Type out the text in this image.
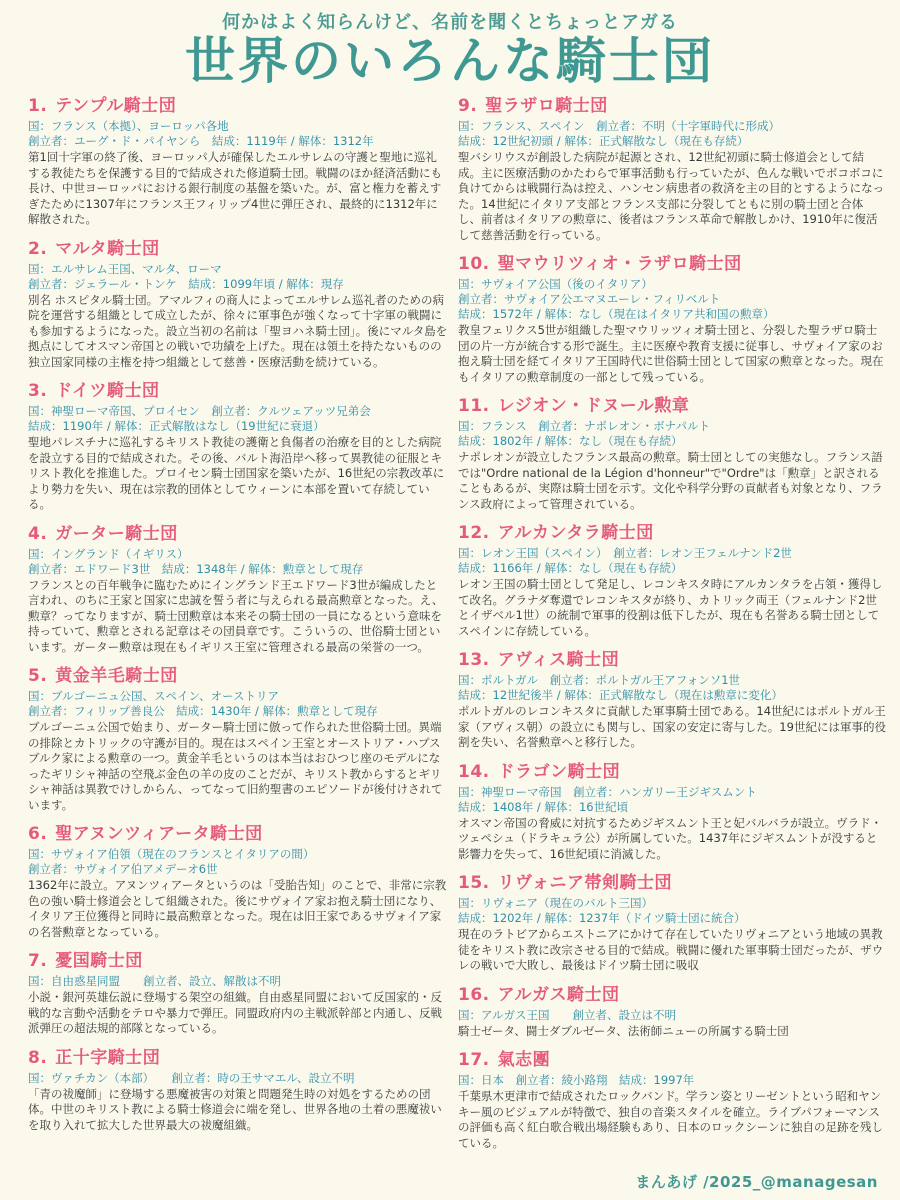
何かはよく知らんけど、名前を聞くとちょっとアガる
世界のいろんな騎士団
1. テンプル騎士団

国：フランス（本拠）、ヨーロッパ各地

創立者：ユーグ・ド・パイヤンら　結成：1119年 / 解体：1312年

第1回十字軍の終了後、ヨーロッパ人が確保したエルサレムの守護と聖地に巡礼する教徒たちを保護する目的で結成された修道騎士団。戦闘のほか経済活動にも長け、中世ヨーロッパにおける銀行制度の基盤を築いた。が、富と権力を蓄えすぎたために1307年にフランス王フィリップ4世に弾圧され、最終的に1312年に解散された。

2. マルタ騎士団

国：エルサレム王国、マルタ、ローマ

創立者：ジェラール・トンケ　結成：1099年頃 / 解体：現存

別名 ホスピタル騎士団。アマルフィの商人によってエルサレム巡礼者のための病院を運営する組織として成立したが、徐々に軍事色が強くなって十字軍の戦闘にも参加するようになった。設立当初の名前は「聖ヨハネ騎士団」。後にマルタ島を拠点にしてオスマン帝国との戦いで功績を上げた。現在は領土を持たないものの独立国家同様の主権を持つ組織として慈善・医療活動を続けている。

3. ドイツ騎士団

国：神聖ローマ帝国、プロイセン　創立者：クルツェアッツ兄弟会

結成：1190年 / 解体：正式解散はなし（19世紀に衰退）

聖地パレスチナに巡礼するキリスト教徒の護衛と負傷者の治療を目的とした病院を設立する目的で結成された。その後、バルト海沿岸へ移って異教徒の征服とキリスト教化を推進した。プロイセン騎士団国家を築いたが、16世紀の宗教改革により勢力を失い、現在は宗教的団体としてウィーンに本部を置いて存続している。

4. ガーター騎士団

国：イングランド（イギリス）

創立者：エドワード3世　結成：1348年 / 解体：勲章として現存

フランスとの百年戦争に臨むためにイングランド王エドワード3世が編成したと言われ、のちに王家と国家に忠誠を誓う者に与えられる最高勲章となった。え、勲章？ってなりますが、騎士団勲章は本来その騎士団の一員になるという意味を持っていて、勲章とされる記章はその団員章です。こういうの、世俗騎士団といいます。ガーター勲章は現在もイギリス王室に管理される最高の栄誉の一つ。

5. 黄金羊毛騎士団

国：ブルゴーニュ公国、スペイン、オーストリア

創立者：フィリップ善良公　結成：1430年 / 解体：勲章として現存

ブルゴーニュ公国で始まり、ガーター騎士団に倣って作られた世俗騎士団。異端の排除とカトリックの守護が目的。現在はスペイン王室とオーストリア・ハプスブルク家による勲章の一つ。黄金羊毛というのは本当はおひつじ座のモデルになったギリシャ神話の空飛ぶ金色の羊の皮のことだが、キリスト教からするとギリシャ神話は異教でけしからん、ってなって旧約聖書のエピソードが後付けされています。

6. 聖アヌンツィアータ騎士団

国：サヴォイア伯領（現在のフランスとイタリアの間）

創立者：サヴォイア伯アメデーオ6世

1362年に設立。アヌンツィアータというのは「受胎告知」のことで、非常に宗教色の強い騎士修道会として組織された。後にサヴォイア家お抱え騎士団になり、イタリア王位獲得と同時に最高勲章となった。現在は旧王家であるサヴォイア家の名誉勲章となっている。

7. 憂国騎士団

国：自由惑星同盟　　創立者、設立、解散は不明

小説・銀河英雄伝説に登場する架空の組織。自由惑星同盟において反国家的・反戦的な言動や活動をテロや暴力で弾圧。同盟政府内の主戦派幹部と内通し、反戦派弾圧の超法規的部隊となっている。

8. 正十字騎士団

国：ヴァチカン（本部）　　創立者：時の王サマエル、設立不明

「青の祓魔師」に登場する悪魔被害の対策と問題発生時の対処をするための団体。中世のキリスト教による騎士修道会に端を発し、世界各地の土着の悪魔祓いを取り入れて拡大した世界最大の祓魔組織。

9. 聖ラザロ騎士団

国：フランス、スペイン　創立者：不明（十字軍時代に形成）

結成：12世紀初頭 / 解体：正式解散なし（現在も存続）

聖バシリウスが創設した病院が起源とされ、12世紀初頭に騎士修道会として結成。主に医療活動のかたわらで軍事活動も行っていたが、色んな戦いでボコボコに負けてからは戦闘行為は控え、ハンセン病患者の救済を主の目的とするようになった。14世紀にイタリア支部とフランス支部に分裂してともに別の騎士団と合体し、前者はイタリアの勲章に、後者はフランス革命で解散しかけ、1910年に復活して慈善活動を行っている。

10. 聖マウリツィオ・ラザロ騎士団

国：サヴォイア公国（後のイタリア）

創立者：サヴォイア公エマヌエーレ・フィリベルト

結成：1572年 / 解体：なし（現在はイタリア共和国の勲章）

教皇フェリクス5世が組織した聖マウリッツィオ騎士団と、分裂した聖ラザロ騎士団の片一方が統合する形で誕生。主に医療や教育支援に従事し、サヴォイア家のお抱え騎士団を経てイタリア王国時代に世俗騎士団として国家の勲章となった。現在もイタリアの勲章制度の一部として残っている。

11. レジオン・ドヌール勲章

国：フランス　創立者：ナポレオン・ボナパルト

結成：1802年 / 解体：なし（現在も存続）

ナポレオンが設立したフランス最高の勲章。騎士団としての実態なし。フランス語では"Ordre national de la Légion d'honneur"で"Ordre"は「勲章」と訳されることもあるが、実際は騎士団を示す。文化や科学分野の貢献者も対象となり、フランス政府によって管理されている。

12. アルカンタラ騎士団

国：レオン王国（スペイン）　創立者：レオン王フェルナンド2世

結成：1166年 / 解体：なし（現在も存続）

レオン王国の騎士団として発足し、レコンキスタ時にアルカンタラを占領・獲得して改名。グラナダ奪還でレコンキスタが終り、カトリック両王（フェルナンド2世とイザベル1世）の統制で軍事的役割は低下したが、現在も名誉ある騎士団としてスペインに存続している。

13. アヴィス騎士団

国：ポルトガル　創立者：ポルトガル王アフォンソ1世

結成：12世紀後半 / 解体：正式解散なし（現在は勲章に変化）

ポルトガルのレコンキスタに貢献した軍事騎士団である。14世紀にはポルトガル王家（アヴィス朝）の設立にも関与し、国家の安定に寄与した。19世紀には軍事的役割を失い、名誉勲章へと移行した。

14. ドラゴン騎士団

国：神聖ローマ帝国　創立者：ハンガリー王ジギスムント

結成：1408年 / 解体：16世紀頃

オスマン帝国の脅威に対抗するためジギスムント王と妃バルバラが設立。ヴラド・ツェペシュ（ドラキュラ公）が所属していた。1437年にジギスムントが没すると影響力を失って、16世紀頃に消滅した。

15. リヴォニア帯剣騎士団

国：リヴォニア（現在のバルト三国）

結成：1202年 / 解体：1237年（ドイツ騎士団に統合）

現在のラトビアからエストニアにかけて存在していたリヴォニアという地域の異教徒をキリスト教に改宗させる目的で結成。戦闘に優れた軍事騎士団だったが、ザウレの戦いで大敗し、最後はドイツ騎士団に吸収

16. アルガス騎士団

国：アルガス王国　　創立者、設立は不明

騎士ゼータ、闘士ダブルゼータ、法術師ニューの所属する騎士団

17. 氣志團

国：日本　創立者：綾小路翔　結成：1997年

千葉県木更津市で結成されたロックバンド。学ラン姿とリーゼントという昭和ヤンキー風のビジュアルが特徴で、独自の音楽スタイルを確立。ライブパフォーマンスの評価も高く紅白歌合戦出場経験もあり、日本のロックシーンに独自の足跡を残している。

まんあげ /2025_@managesan
